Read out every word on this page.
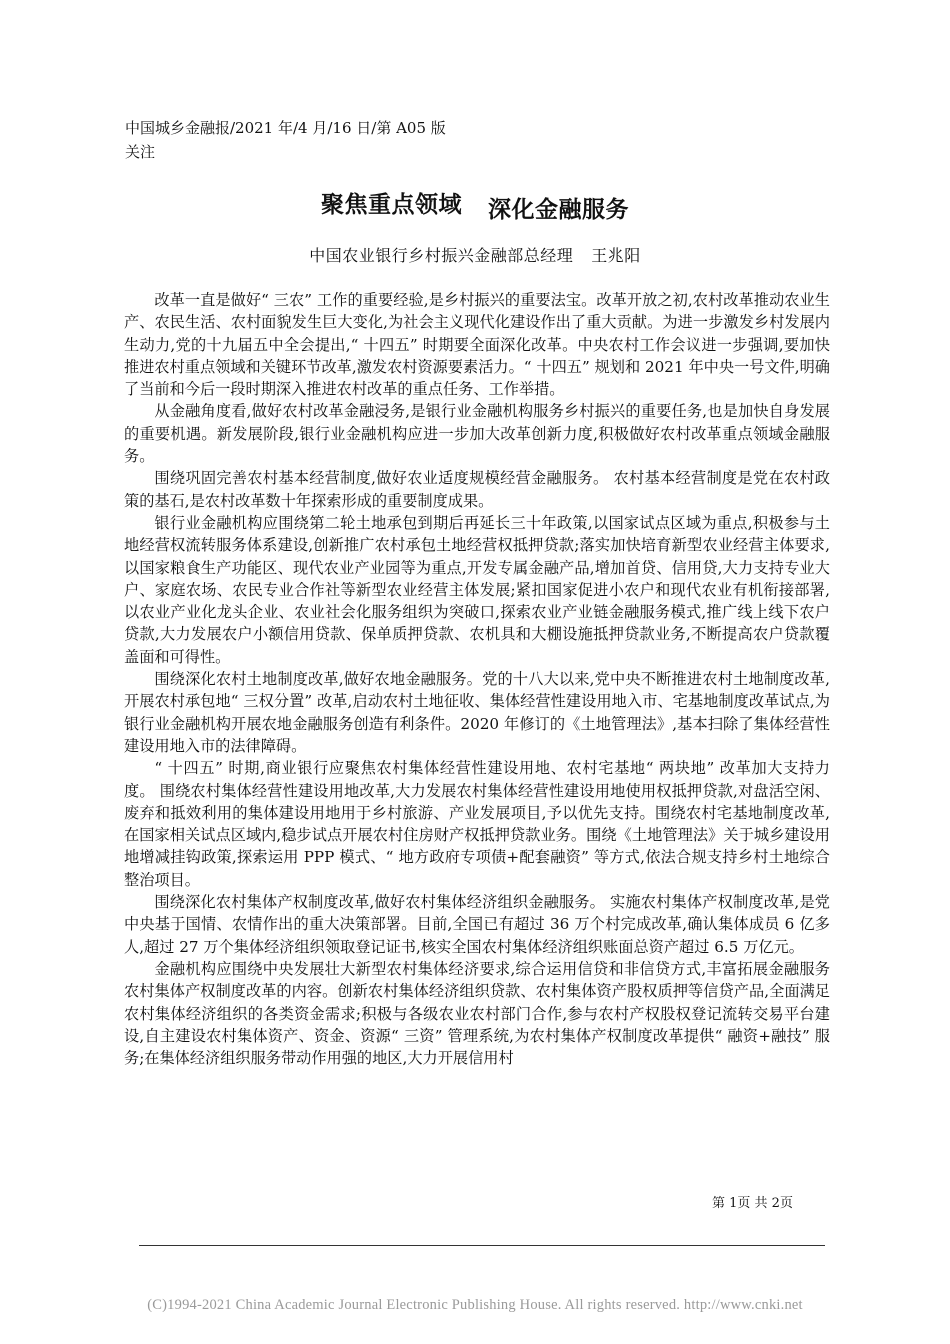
中国城乡金融报/2021 年/4 月/16 日/第 A05 版关注
聚焦重点领域 深化金融服务
中国农业银行乡村振兴金融部总经理 王兆阳

改革一直是做好“ 三农” 工作的重要经验,是乡村振兴的重要法宝。改革开放之初,农村改革推动农业生产、农民生活、农村面貌发生巨大变化,为社会主义现代化建设作出了重大贡献。为进一步激发乡村发展内生动力,党的十九届五中全会提出,“ 十四五” 时期要全面深化改革。中央农村工作会议进一步强调,要加快推进农村重点领域和关键环节改革,激发农村资源要素活力。“ 十四五” 规划和 2021 年中央一号文件,明确了当前和今后一段时期深入推进农村改革的重点任务、工作举措。

从金融角度看,做好农村改革金融浸务,是银行业金融机构服务乡村振兴的重要任务,也是加快自身发展的重要机遇。新发展阶段,银行业金融机构应进一步加大改革创新力度,积极做好农村改革重点领域金融服务。

围绕巩固完善农村基本经营制度,做好农业适度规模经营金融服务。 农村基本经营制度是党在农村政策的基石,是农村改革数十年探索形成的重要制度成果。

银行业金融机构应围绕第二轮土地承包到期后再延长三十年政策,以国家试点区域为重点,积极参与土地经营权流转服务体系建设,创新推广农村承包土地经营权抵押贷款;落实加快培育新型农业经营主体要求,以国家粮食生产功能区、现代农业产业园等为重点,开发专属金融产品,增加首贷、信用贷,大力支持专业大户、家庭农场、农民专业合作社等新型农业经营主体发展;紧扣国家促进小农户和现代农业有机衔接部署,以农业产业化龙头企业、农业社会化服务组织为突破口,探索农业产业链金融服务模式,推广线上线下农户贷款,大力发展农户小额信用贷款、保单质押贷款、农机具和大棚设施抵押贷款业务,不断提高农户贷款覆盖面和可得性。

围绕深化农村土地制度改革,做好农地金融服务。党的十八大以来,党中央不断推进农村土地制度改革,开展农村承包地“ 三权分置” 改革,启动农村土地征收、集体经营性建设用地入市、宅基地制度改革试点,为银行业金融机构开展农地金融服务创造有利条件。2020 年修订的《土地管理法》,基本扫除了集体经营性建设用地入市的法律障碍。

“ 十四五” 时期,商业银行应聚焦农村集体经营性建设用地、农村宅基地“ 两块地” 改革加大支持力度。 围绕农村集体经营性建设用地改革,大力发展农村集体经营性建设用地使用权抵押贷款,对盘活空闲、废弃和抵效利用的集体建设用地用于乡村旅游、产业发展项目,予以优先支持。围绕农村宅基地制度改革,在国家相关试点区域内,稳步试点开展农村住房财产权抵押贷款业务。围绕《土地管理法》关于城乡建设用地增减挂钩政策,探索运用 PPP 模式、“ 地方政府专项债+配套融资” 等方式,依法合规支持乡村土地综合整治项目。

围绕深化农村集体产权制度改革,做好农村集体经济组织金融服务。 实施农村集体产权制度改革,是党中央基于国情、农情作出的重大决策部署。目前,全国已有超过 36 万个村完成改革,确认集体成员 6 亿多人,超过 27 万个集体经济组织领取登记证书,核实全国农村集体经济组织账面总资产超过 6.5 万亿元。

金融机构应围绕中央发展壮大新型农村集体经济要求,综合运用信贷和非信贷方式,丰富拓展金融服务农村集体产权制度改革的内容。创新农村集体经济组织贷款、农村集体资产股权质押等信贷产品,全面满足农村集体经济组织的各类资金需求;积极与各级农业农村部门合作,参与农村产权股权登记流转交易平台建设,自主建设农村集体资产、资金、资源“ 三资” 管理系统,为农村集体产权制度改革提供“ 融资+融技” 服务;在集体经济组织服务带动作用强的地区,大力开展信用村

第 1页 共 2页
(C)1994-2021 China Academic Journal Electronic Publishing House. All rights reserved. http://www.cnki.net
